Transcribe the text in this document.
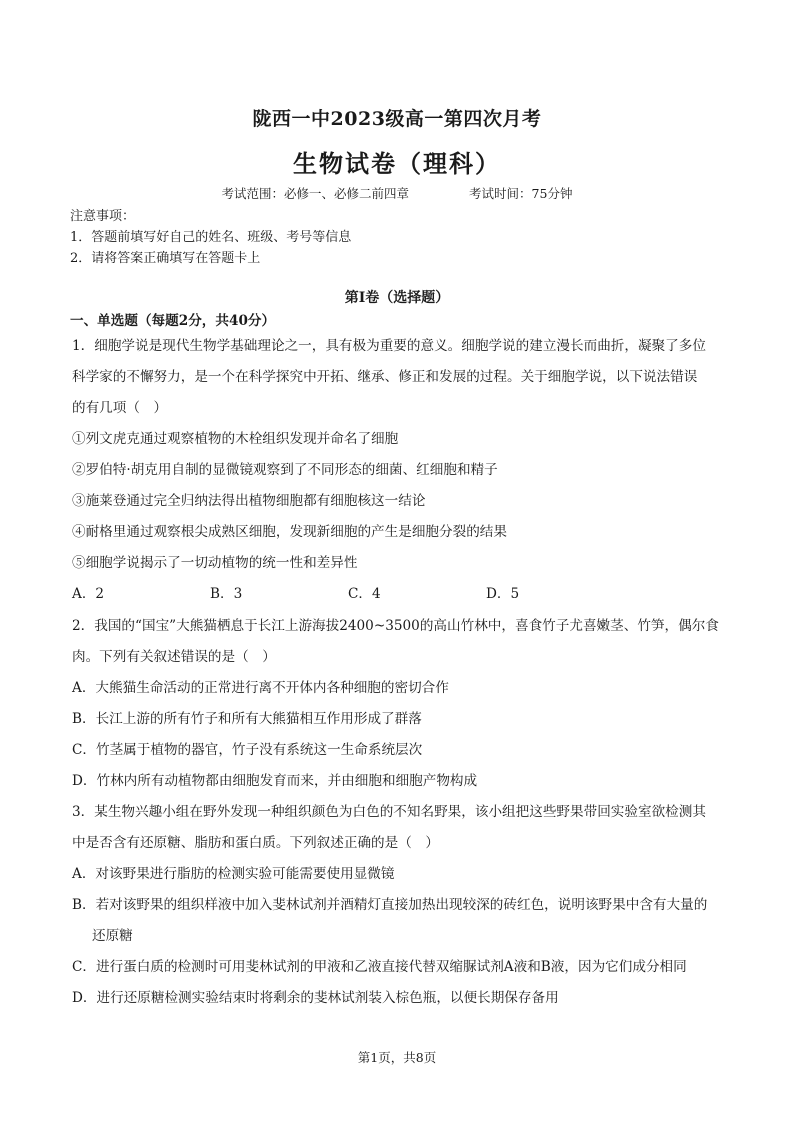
陇西一中2023级高一第四次月考
生物试卷（理科）
考试范围：必修一、必修二前四章	考试时间：75分钟
注意事项：
1．答题前填写好自己的姓名、班级、考号等信息
2．请将答案正确填写在答题卡上
第Ⅰ卷（选择题）
一、单选题（每题2分，共40分）
1．细胞学说是现代生物学基础理论之一，具有极为重要的意义。细胞学说的建立漫长而曲折，凝聚了多位
科学家的不懈努力，是一个在科学探究中开拓、继承、修正和发展的过程。关于细胞学说，以下说法错误
的有几项（　）
①列文虎克通过观察植物的木栓组织发现并命名了细胞
②罗伯特·胡克用自制的显微镜观察到了不同形态的细菌、红细胞和精子
③施莱登通过完全归纳法得出植物细胞都有细胞核这一结论
④耐格里通过观察根尖成熟区细胞，发现新细胞的产生是细胞分裂的结果
⑤细胞学说揭示了一切动植物的统一性和差异性
A．2	B．3	C．4	D．5
2．我国的“国宝”大熊猫栖息于长江上游海拔2400~3500的高山竹林中，喜食竹子尤喜嫩茎、竹笋，偶尔食
肉。下列有关叙述错误的是（　）
A．大熊猫生命活动的正常进行离不开体内各种细胞的密切合作
B．长江上游的所有竹子和所有大熊猫相互作用形成了群落
C．竹茎属于植物的器官，竹子没有系统这一生命系统层次
D．竹林内所有动植物都由细胞发育而来，并由细胞和细胞产物构成
3．某生物兴趣小组在野外发现一种组织颜色为白色的不知名野果，该小组把这些野果带回实验室欲检测其
中是否含有还原糖、脂肪和蛋白质。下列叙述正确的是（　）
A．对该野果进行脂肪的检测实验可能需要使用显微镜
B．若对该野果的组织样液中加入斐林试剂并酒精灯直接加热出现较深的砖红色，说明该野果中含有大量的
还原糖
C．进行蛋白质的检测时可用斐林试剂的甲液和乙液直接代替双缩脲试剂A液和B液，因为它们成分相同
D．进行还原糖检测实验结束时将剩余的斐林试剂装入棕色瓶，以便长期保存备用
第1页，共8页
